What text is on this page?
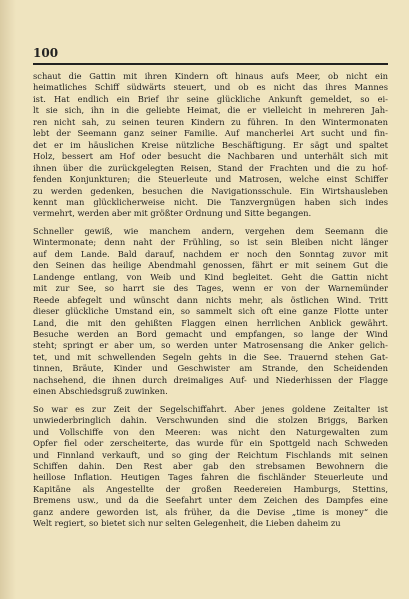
100
schaut die Gattin mit ihren Kindern oft hinaus aufs Meer, ob nicht ein
heimatliches Schiff südwärts steuert, und ob es nicht das ihres Mannes
ist. Hat endlich ein Brief ihr seine glückliche Ankunft gemeldet, so ei-
lt sie sich, ihn in die geliebte Heimat, die er vielleicht in mehreren Jah-
ren nicht sah, zu seinen teuren Kindern zu führen. In den Wintermonaten
lebt der Seemann ganz seiner Familie. Auf mancherlei Art sucht und fin-
det er im häuslichen Kreise nützliche Beschäftigung. Er sägt und spaltet
Holz, bessert am Hof oder besucht die Nachbaren und unterhält sich mit
ihnen über die zurückgelegten Reisen, Stand der Frachten und die zu hof-
fenden Konjunkturen; die Steuerleute und Matrosen, welche einst Schiffer
zu werden gedenken, besuchen die Navigationsschule. Ein Wirtshausleben
kennt man glücklicherweise nicht. Die Tanzvergnügen haben sich indes
vermehrt, werden aber mit größter Ordnung und Sitte begangen.
Schneller gewiß, wie manchem andern, vergehen dem Seemann die
Wintermonate; denn naht der Frühling, so ist sein Bleiben nicht länger
auf dem Lande. Bald darauf, nachdem er noch den Sonntag zuvor mit
den Seinen das heilige Abendmahl genossen, fährt er mit seinem Gut die
Landenge entlang, von Weib und Kind begleitet. Geht die Gattin nicht
mit zur See, so harrt sie des Tages, wenn er von der Warnemünder
Reede abfegelt und wünscht dann nichts mehr, als östlichen Wind. Tritt
dieser glückliche Umstand ein, so sammelt sich oft eine ganze Flotte unter
Land, die mit den gehißten Flaggen einen herrlichen Anblick gewährt.
Besuche werden an Bord gemacht und empfangen, so lange der Wind
steht; springt er aber um, so werden unter Matrosensang die Anker gelich-
tet, und mit schwellenden Segeln gehts in die See. Trauernd stehen Gat-
tinnen, Bräute, Kinder und Geschwister am Strande, den Scheidenden
nachsehend, die ihnen durch dreimaliges Auf- und Niederhissen der Flagge
einen Abschiedsgruß zuwinken.
So war es zur Zeit der Segelschiffahrt. Aber jenes goldene Zeitalter ist
unwiederbringlich dahin. Verschwunden sind die stolzen Briggs, Barken
und Vollschiffe von den Meeren: was nicht den Naturgewalten zum
Opfer fiel oder zerscheiterte, das wurde für ein Spottgeld nach Schweden
und Finnland verkauft, und so ging der Reichtum Fischlands mit seinen
Schiffen dahin. Den Rest aber gab den strebsamen Bewohnern die
heillose Inflation. Heutigen Tages fahren die fischländer Steuerleute und
Kapitäne als Angestellte der großen Reedereien Hamburgs, Stettins,
Bremens usw., und da die Seefahrt unter dem Zeichen des Dampfes eine
ganz andere geworden ist, als früher, da die Devise „time is money“ die
Welt regiert, so bietet sich nur selten Gelegenheit, die Lieben daheim zu
